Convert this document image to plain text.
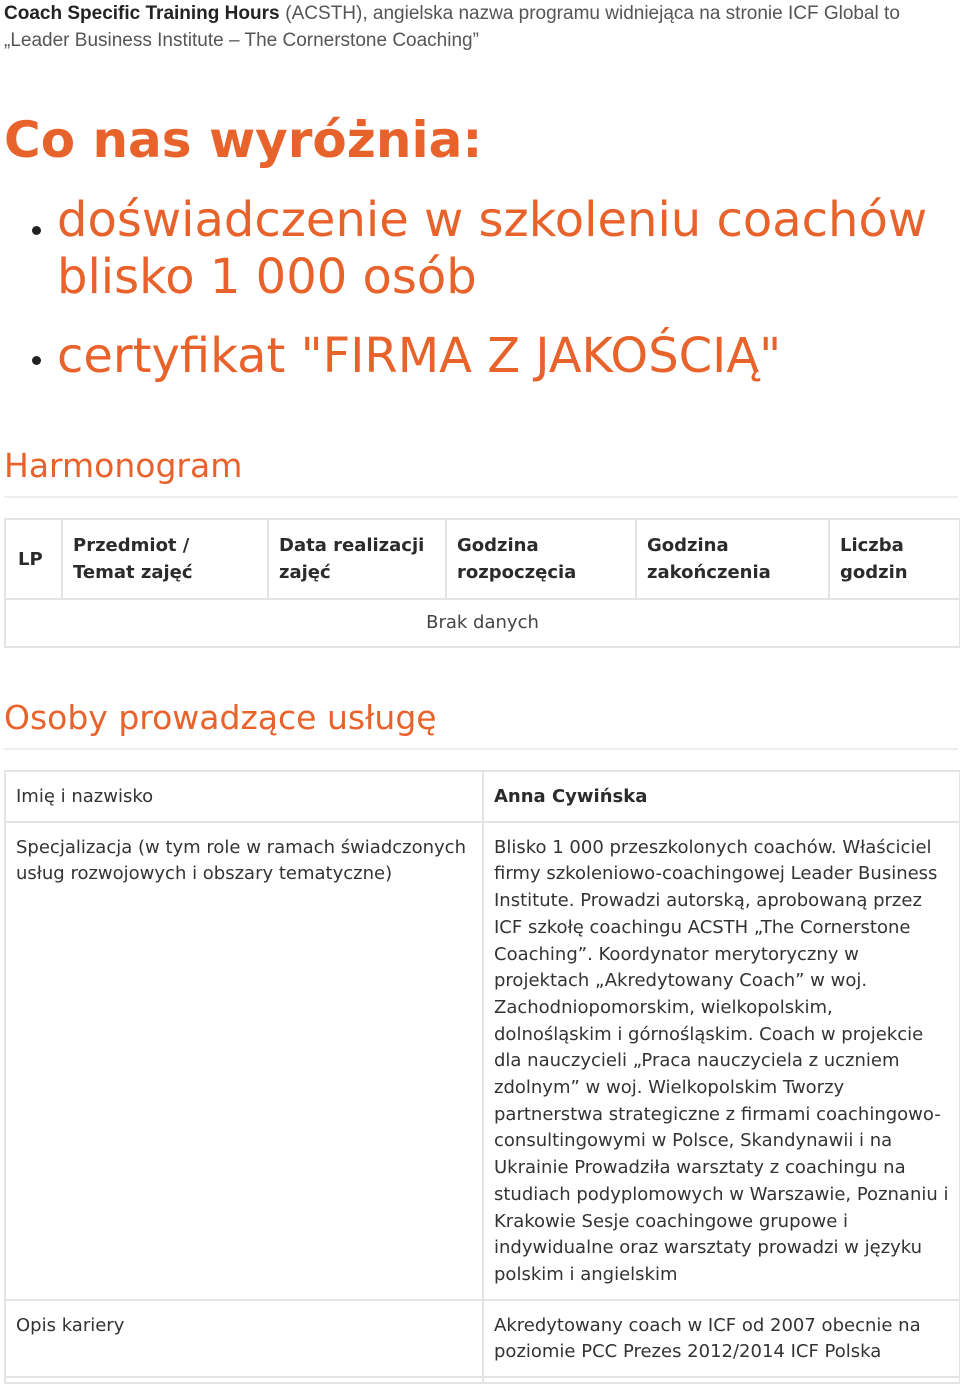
Coach Specific Training Hours (ACSTH), angielska nazwa programu widniejąca na stronie ICF Global to „Leader Business Institute – The Cornerstone Coaching”
Co nas wyróżnia:
doświadczenie w szkoleniu coachów blisko 1 000 osób
certyfikat "FIRMA Z JAKOŚCIĄ"
Harmonogram
LP	Przedmiot / Temat zajęć	Data realizacji zajęć	Godzina rozpoczęcia	Godzina zakończenia	Liczba godzin
Brak danych
Osoby prowadzące usługę
Imię i nazwisko	Anna Cywińska
Specjalizacja (w tym role w ramach świadczonych usług rozwojowych i obszary tematyczne)	Blisko 1 000 przeszkolonych coachów. Właściciel firmy szkoleniowo-coachingowej Leader Business Institute. Prowadzi autorską, aprobowaną przez ICF szkołę coachingu ACSTH „The Cornerstone Coaching”. Koordynator merytoryczny w projektach „Akredytowany Coach” w woj. Zachodniopomorskim, wielkopolskim, dolnośląskim i górnośląskim. Coach w projekcie dla nauczycieli „Praca nauczyciela z uczniem zdolnym” w woj. Wielkopolskim Tworzy partnerstwa strategiczne z firmami coachingowo-consultingowymi w Polsce, Skandynawii i na Ukrainie Prowadziła warsztaty z coachingu na studiach podyplomowych w Warszawie, Poznaniu i Krakowie Sesje coachingowe grupowe i indywidualne oraz warsztaty prowadzi w języku polskim i angielskim
Opis kariery	Akredytowany coach w ICF od 2007 obecnie na poziomie PCC Prezes 2012/2014 ICF Polska
